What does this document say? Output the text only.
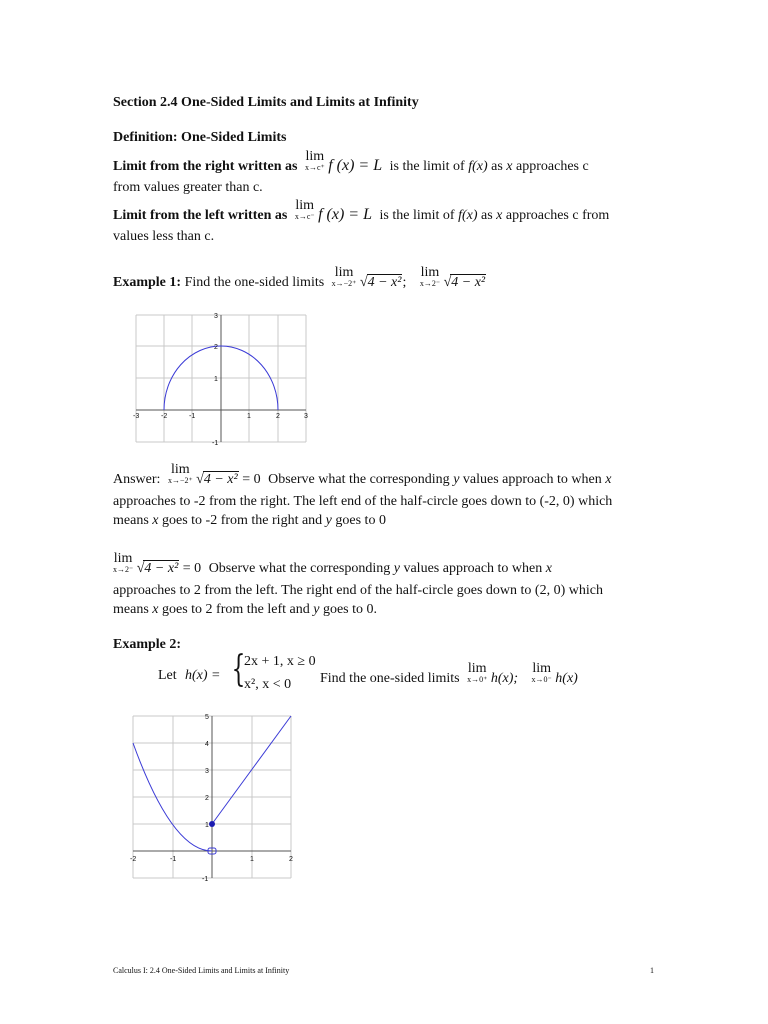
Section 2.4 One-Sided Limits and Limits at Infinity
Definition: One-Sided Limits
Limit from the right written as
lim
x→c⁺ f (x) = L is the limit of f(x) as x approaches c
from values greater than c.
Limit from the left written as
lim
x→c⁻ f (x) = L is the limit of f(x) as x approaches c from
values less than c.
Example 1: Find the one-sided limits
lim
x→−2⁺ √4 − x²;
lim
x→2⁻ √4 − x²
-3	-2	-1	1	2	3
3
2
1
-1
Answer:
lim
x→−2⁺ √4 − x² = 0 Observe what the corresponding y values approach to when x
approaches to -2 from the right. The left end of the half-circle goes down to (-2, 0) which
means x goes to -2 from the right and y goes to 0
lim
x→2⁻ √4 − x² = 0 Observe what the corresponding y values approach to when x
approaches to 2 from the left. The right end of the half-circle goes down to (2, 0) which
means x goes to 2 from the left and y goes to 0.
Example 2:
Let h(x) = {
2x + 1, x ≥ 0
x², x < 0 Find the one-sided limits
lim
x→0⁺ h(x);
lim
x→0⁻ h(x)
-2	-1	1	2
5
4
3
2
1
-1
Calculus I: 2.4 One-Sided Limits and Limits at Infinity	1
